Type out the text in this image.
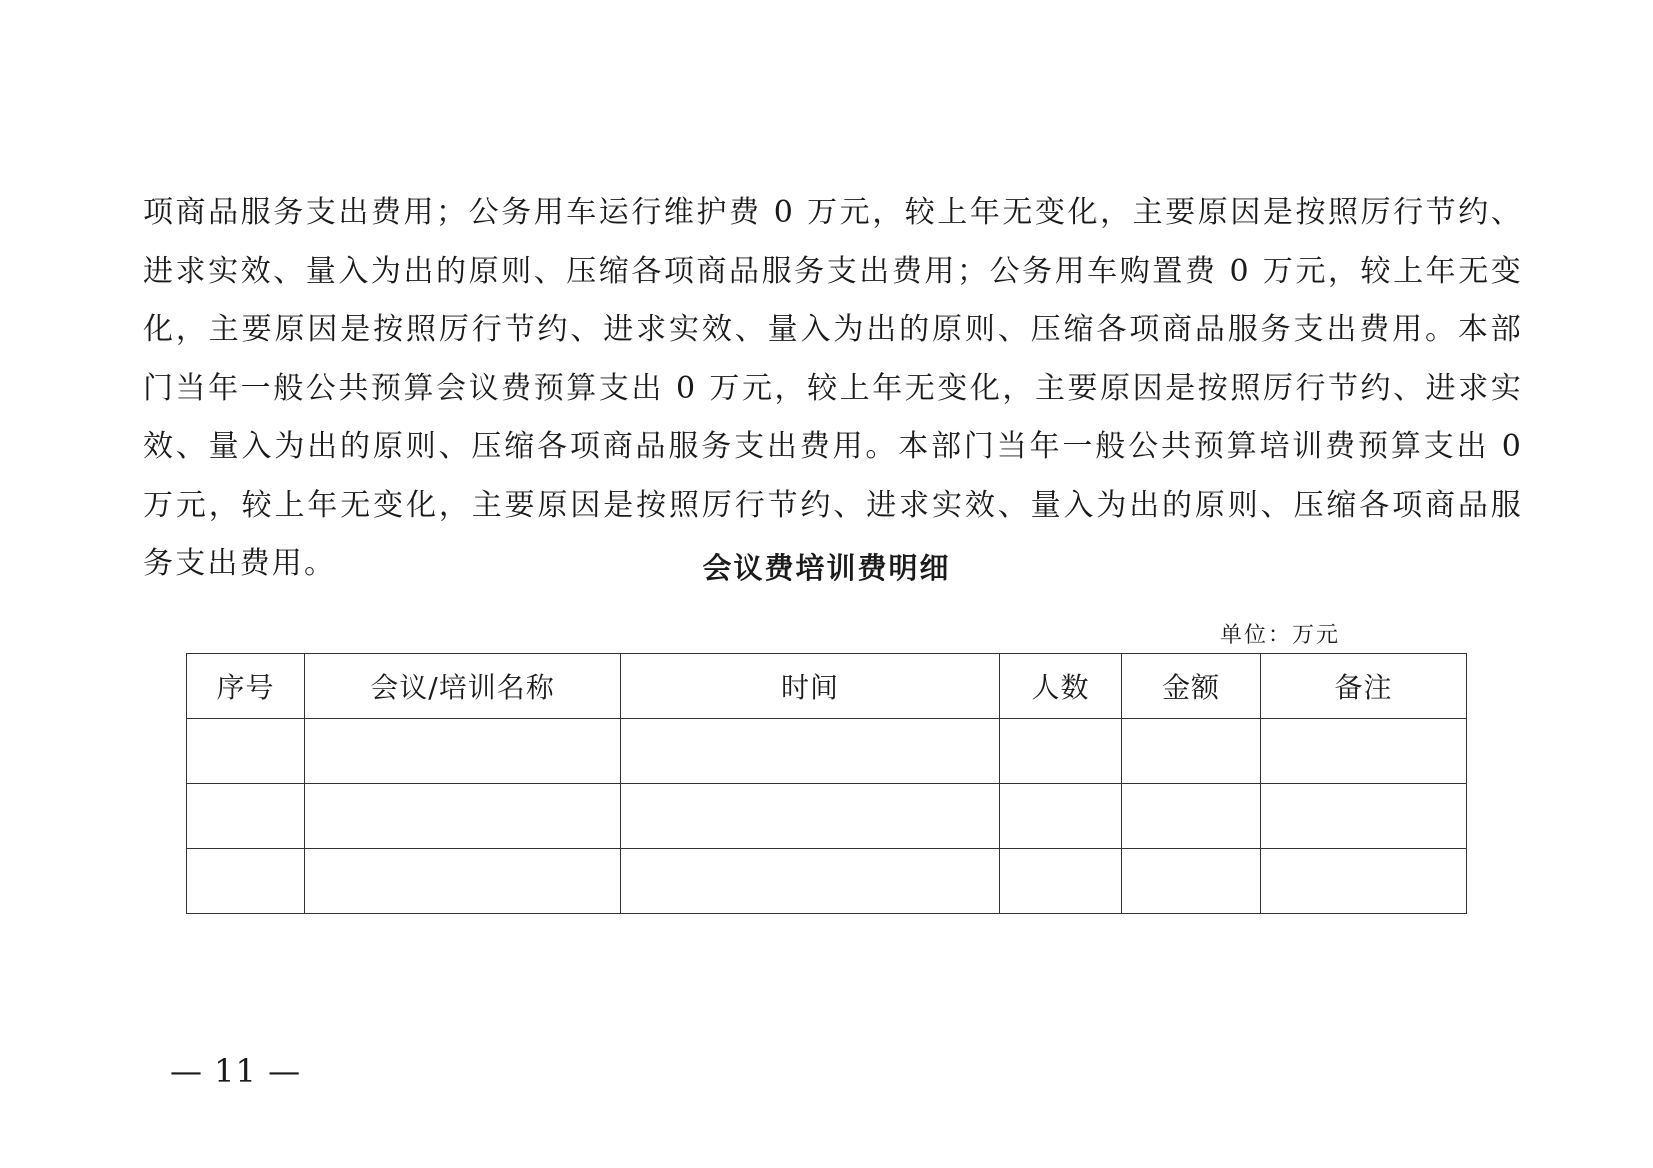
项商品服务支出费用；公务用车运行维护费 0 万元，较上年无变化，主要原因是按照厉行节约、进求实效、量入为出的原则、压缩各项商品服务支出费用；公务用车购置费 0 万元，较上年无变化，主要原因是按照厉行节约、进求实效、量入为出的原则、压缩各项商品服务支出费用。本部门当年一般公共预算会议费预算支出 0 万元，较上年无变化，主要原因是按照厉行节约、进求实效、量入为出的原则、压缩各项商品服务支出费用。本部门当年一般公共预算培训费预算支出 0 万元，较上年无变化，主要原因是按照厉行节约、进求实效、量入为出的原则、压缩各项商品服务支出费用。	会议费培训费明细
单位：万元
序号	会议/培训名称	时间	人数	金额	备注

— 11 —
